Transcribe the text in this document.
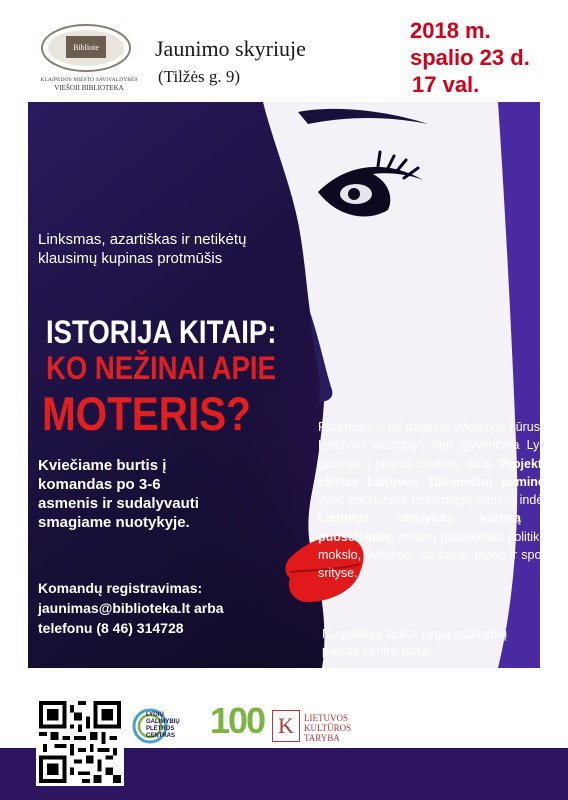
Bibliote
KLAIPĖDOS MIESTO SAVIVALDYBĖS
VIEŠOJI BIBLIOTEKA
Jaunimo skyriuje
(Tilžės g. 9)
2018 m.
spalio 23 d.
17 val.
Linksmas, azartiškas ir netikėtų klausimų kupinas protmūšis
ISTORIJA KITAIP:
KO NEŽINAI APIE
MOTERIS?
Kviečiame burtis į komandas po 3-6 asmenis ir sudalyvauti smagiame nuotykyje.
Komandų registravimas:
jaunimas@biblioteka.lt arba
telefonu (8 46) 314728
Protmūšis – tai projekto „Moterys, kūrusios Lietuvos valstybę", kurį įgyvendina Lygių galimybių plėtros centras, dalis. Projektas skirtas Lietuvos 100-mečiui paminėti, ypač pabrėžiant reikšmingą moterų indėlį į Lietuvos valstybės kūrimą ir puoselėjimą, moterų pasiekimus politikos, mokslo, švietimo, labdaros, meno ir sporto srityse.
Nugalėtojų laukia Lygių galimybių plėtros centro prizai.
LYGIŲ
GALIMYBIŲ
PLĖTROS
CENTRAS 100 K	LIETUVOS
KULTŪROS
TARYBA
